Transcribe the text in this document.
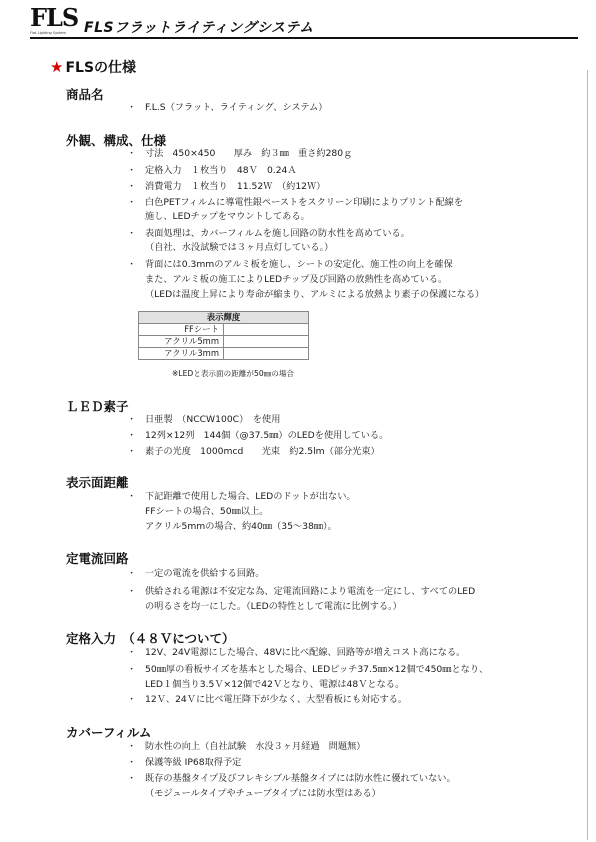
FLS
Flat Lighting System FLSフラットライティングシステム
★ FLSの仕様
商品名
・ F.L.S（フラット、ライティング、システム）
外観、構成、仕様
・ 寸法　450×450　　厚み　約３㎜　重さ約280ｇ
・ 定格入力　１枚当り　48Ｖ　0.24Ａ
・ 消費電力　１枚当り　11.52Ｗ　（約12Ｗ）
・ 白色PETフィルムに導電性銀ペーストをスクリーン印刷によりプリント配線を
施し、LEDチップをマウントしてある。
・ 表面処理は、カバーフィルムを施し回路の防水性を高めている。
（自社、水没試験では３ヶ月点灯している。）
・ 背面には0.3mmのアルミ板を施し、シートの安定化、施工性の向上を確保
また、アルミ板の施工によりLEDチップ及び回路の放熱性を高めている。
（LEDは温度上昇により寿命が縮まり、アルミによる放熱より素子の保護になる）
表示輝度	
FFシート	
アクリル5mm	
アクリル3mm	
※LEDと表示面の距離が50㎜の場合
ＬＥＤ素子
・ 日亜製　（NCCW100C）　を使用
・ 12列×12列　144個（@37.5㎜）のLEDを使用している。
・ 素子の光度　1000mcd　　光束　約2.5lm（部分光束）
表示面距離
・ 下記距離で使用した場合、LEDのドットが出ない。
FFシートの場合、50㎜以上。
アクリル5mmの場合、約40㎜（35～38㎜）。
定電流回路
・ 一定の電流を供給する回路。
・ 供給される電源は不安定な為、定電流回路により電流を一定にし、すべてのLED
の明るさを均一にした。（LEDの特性として電流に比例する。）
定格入力　（４８Ｖについて）
・ 12V、24V電源にした場合、48Vに比べ配線、回路等が増えコスト高になる。
・ 50㎜厚の看板サイズを基本とした場合、LEDピッチ37.5㎜×12個で450㎜となり、
LED１個当り3.5Ｖ×12個で42Ｖとなり、電源は48Ｖとなる。
・ 12Ｖ、24Ｖに比べ電圧降下が少なく、大型看板にも対応する。
カバーフィルム
・ 防水性の向上（自社試験　水没３ヶ月経過　問題無）
・ 保護等級 IP68取得予定
・ 既存の基盤タイプ及びフレキシブル基盤タイプには防水性に優れていない。
（モジュールタイプやチューブタイプには防水型はある）
